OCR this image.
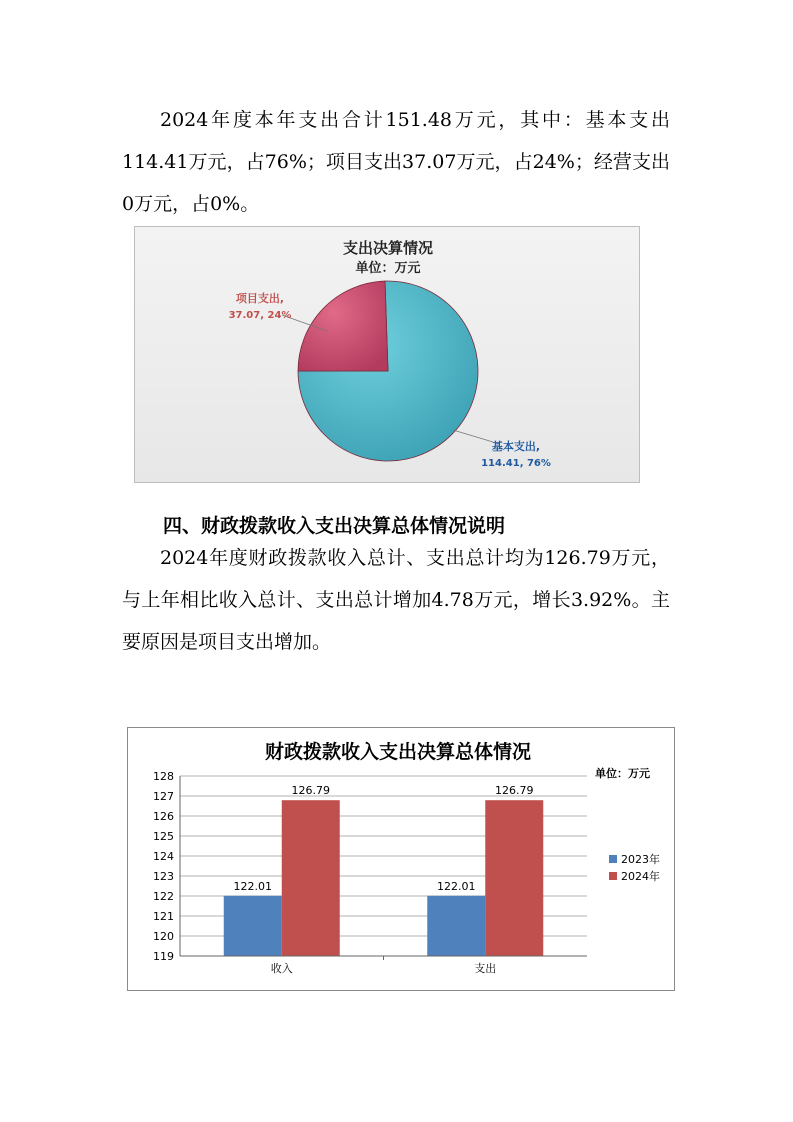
2024年度本年支出合计151.48万元，其中：基本支出114.41万元，占76%；项目支出37.07万元，占24%；经营支出0万元，占0%。

支出决算情况
单位：万元
项目支出,
37.07, 24%
基本支出,
114.41, 76%
四、财政拨款收入支出决算总体情况说明

2024年度财政拨款收入总计、支出总计均为126.79万元，与上年相比收入总计、支出总计增加4.78万元，增长3.92%。主要原因是项目支出增加。

财政拨款收入支出决算总体情况
单位：万元
119
120
121
122
123
124
125
126
127
128
122.01
126.79
收入
122.01
126.79
支出
2023年
2024年
